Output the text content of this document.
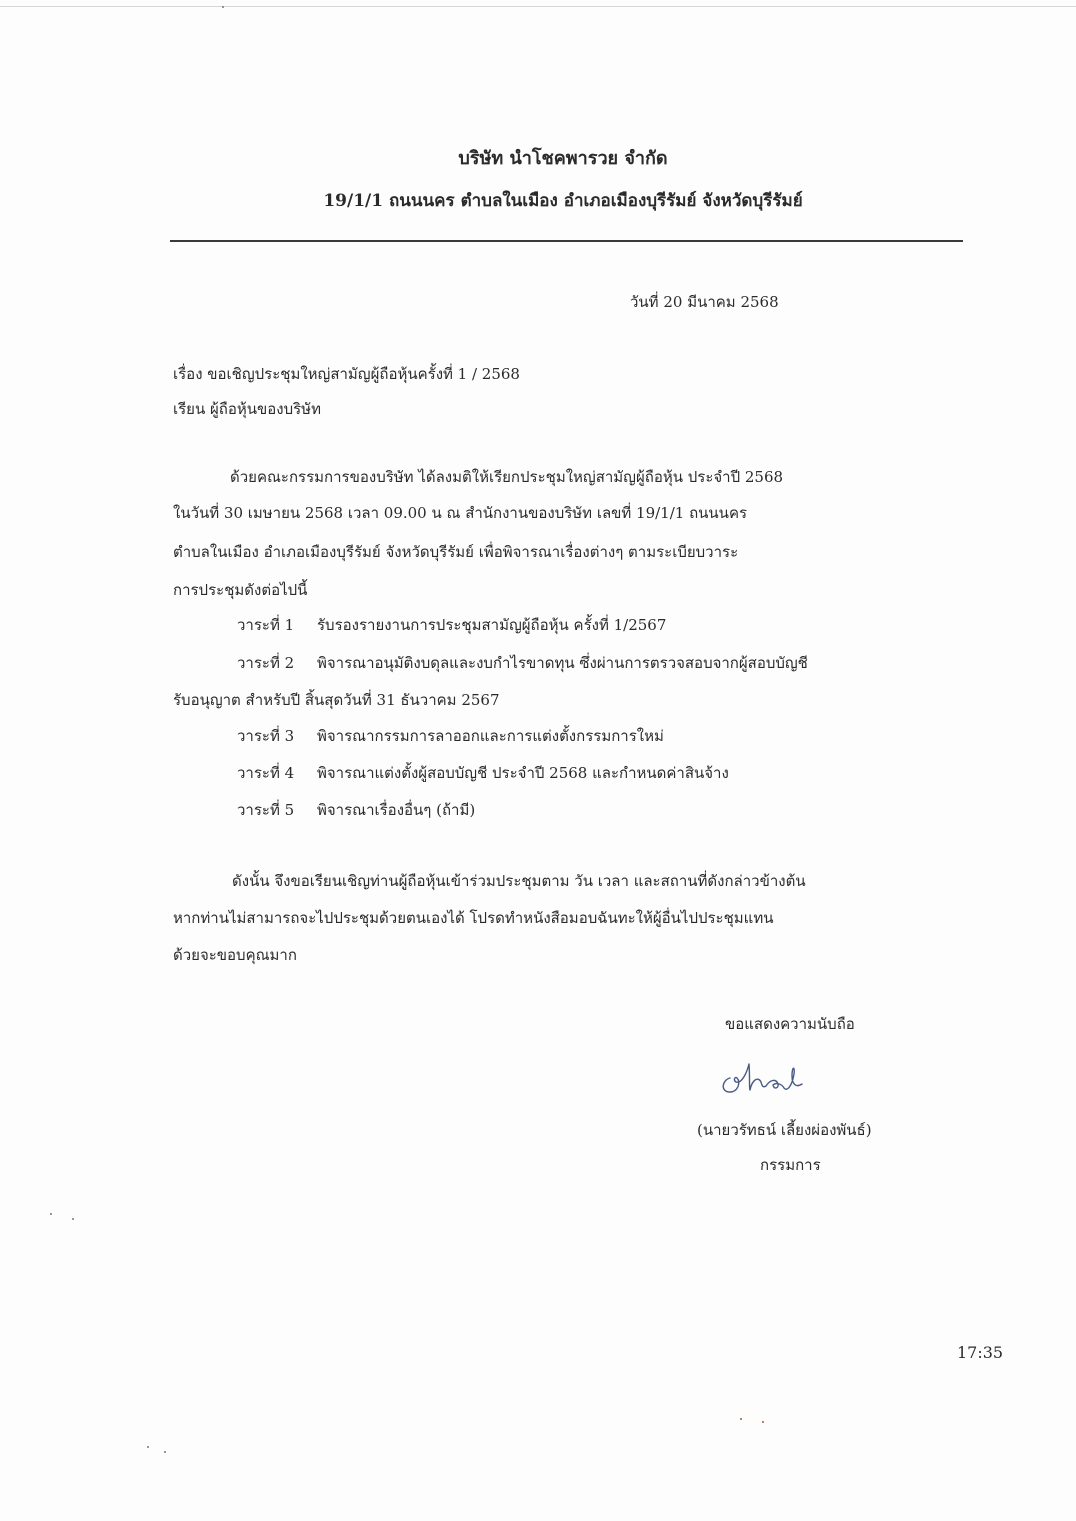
บริษัท นำโชคพารวย จำกัด
19/1/1 ถนนนคร ตำบลในเมือง อำเภอเมืองบุรีรัมย์ จังหวัดบุรีรัมย์
วันที่ 20 มีนาคม 2568
เรื่อง ขอเชิญประชุมใหญ่สามัญผู้ถือหุ้นครั้งที่ 1 / 2568
เรียน ผู้ถือหุ้นของบริษัท
ด้วยคณะกรรมการของบริษัท ได้ลงมติให้เรียกประชุมใหญ่สามัญผู้ถือหุ้น ประจำปี 2568
ในวันที่ 30 เมษายน 2568 เวลา 09.00 น ณ สำนักงานของบริษัท เลขที่ 19/1/1 ถนนนคร
ตำบลในเมือง อำเภอเมืองบุรีรัมย์ จังหวัดบุรีรัมย์ เพื่อพิจารณาเรื่องต่างๆ ตามระเบียบวาระ
การประชุมดังต่อไปนี้
วาระที่ 1 รับรองรายงานการประชุมสามัญผู้ถือหุ้น ครั้งที่ 1/2567
วาระที่ 2 พิจารณาอนุมัติงบดุลและงบกำไรขาดทุน ซึ่งผ่านการตรวจสอบจากผู้สอบบัญชี
รับอนุญาต สำหรับปี สิ้นสุดวันที่ 31 ธันวาคม 2567
วาระที่ 3 พิจารณากรรมการลาออกและการแต่งตั้งกรรมการใหม่
วาระที่ 4 พิจารณาแต่งตั้งผู้สอบบัญชี ประจำปี 2568 และกำหนดค่าสินจ้าง
วาระที่ 5 พิจารณาเรื่องอื่นๆ (ถ้ามี)
ดังนั้น จึงขอเรียนเชิญท่านผู้ถือหุ้นเข้าร่วมประชุมตาม วัน เวลา และสถานที่ดังกล่าวข้างต้น
หากท่านไม่สามารถจะไปประชุมด้วยตนเองได้ โปรดทำหนังสือมอบฉันทะให้ผู้อื่นไปประชุมแทน
ด้วยจะขอบคุณมาก
ขอแสดงความนับถือ
(นายวรัทธน์ เลี้ยงผ่องพันธ์)
กรรมการ
17:35
